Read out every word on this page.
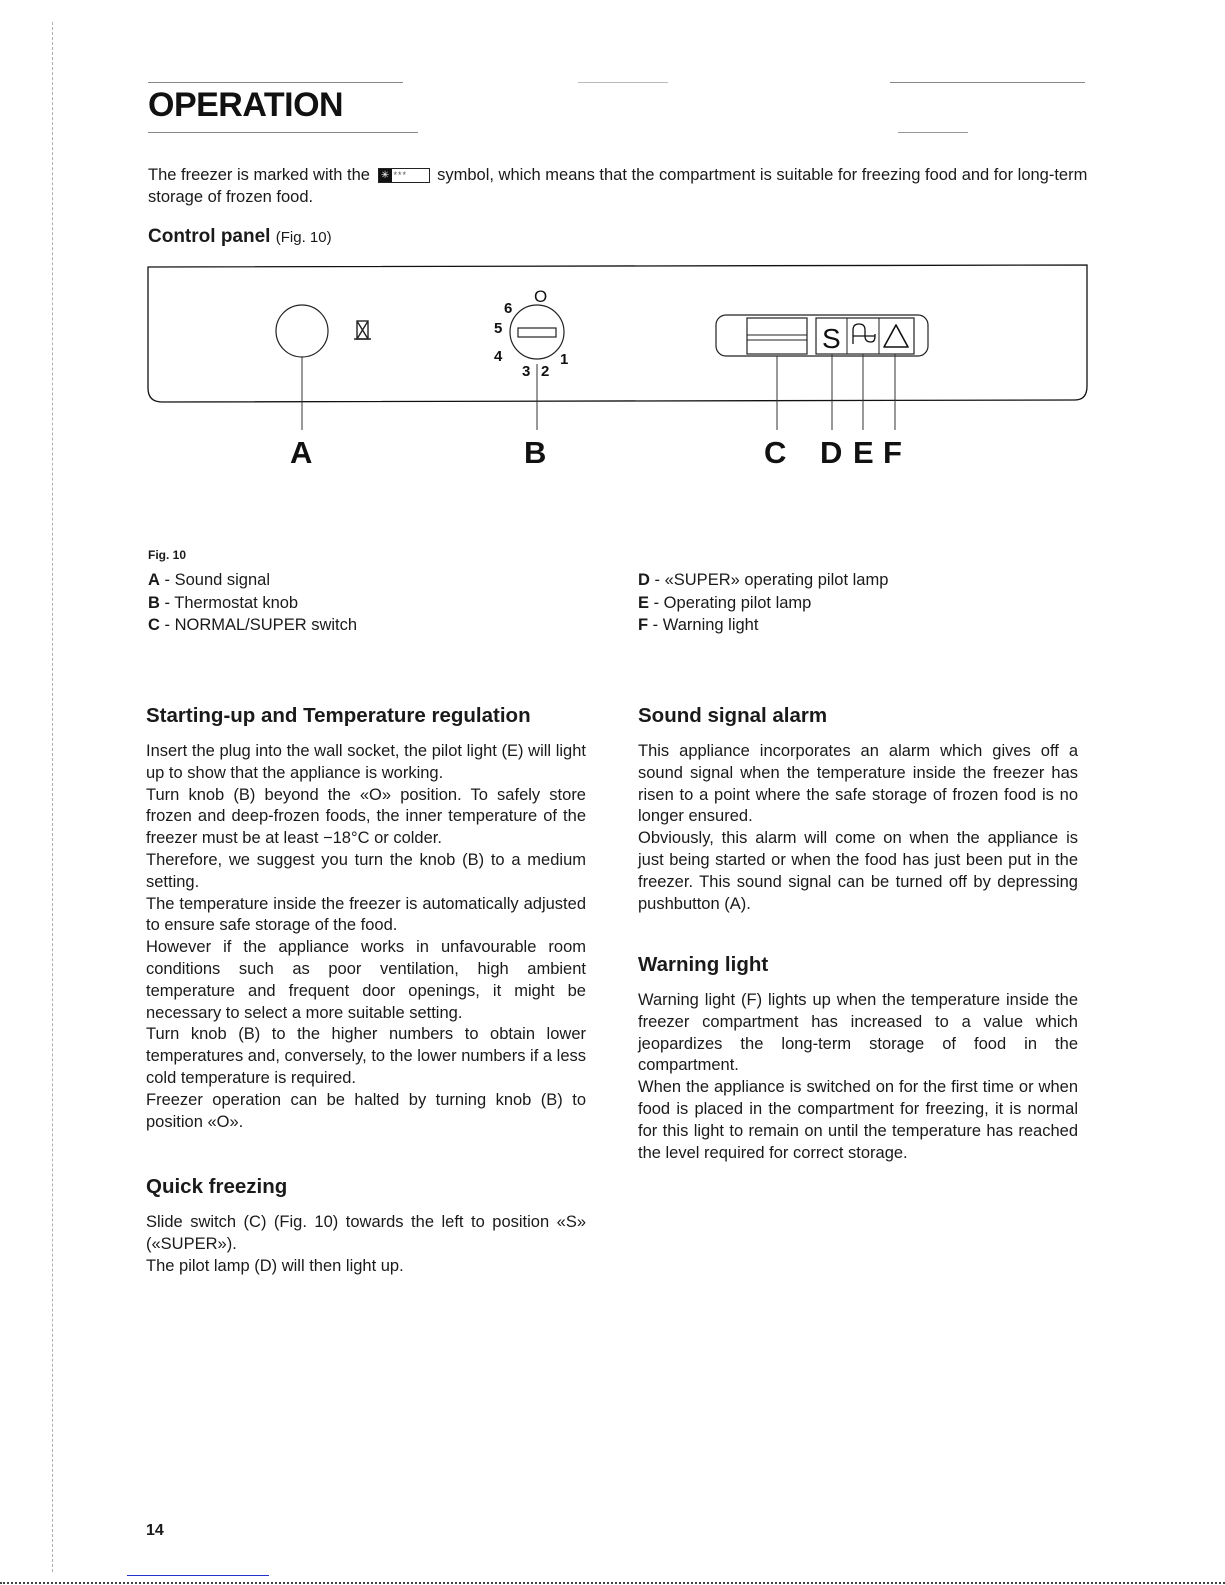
OPERATION

The freezer is marked with the ✳ *** symbol, which means that the compartment is suitable for freezing food and for long-term storage of frozen food.

Control panel (Fig. 10)
O
1
2
3
4
5
6
S
A	B	C D E F

Fig. 10

A - Sound signal
B - Thermostat knob
C - NORMAL/SUPER switch
D - «SUPER» operating pilot lamp
E - Operating pilot lamp
F - Warning light
Starting-up and Temperature regulation

Insert the plug into the wall socket, the pilot light (E) will light up to show that the appliance is working.

Turn knob (B) beyond the «O» position. To safely store frozen and deep-frozen foods, the inner temperature of the freezer must be at least −18°C or colder.

Therefore, we suggest you turn the knob (B) to a medium setting.

The temperature inside the freezer is automatically adjusted to ensure safe storage of the food.

However if the appliance works in unfavourable room conditions such as poor ventilation, high ambient temperature and frequent door openings, it might be necessary to select a more suitable setting.

Turn knob (B) to the higher numbers to obtain lower temperatures and, conversely, to the lower numbers if a less cold temperature is required.

Freezer operation can be halted by turning knob (B) to position «O».

Quick freezing

Slide switch (C) (Fig. 10) towards the left to position «S» («SUPER»).

The pilot lamp (D) will then light up.

Sound signal alarm

This appliance incorporates an alarm which gives off a sound signal when the temperature inside the freezer has risen to a point where the safe storage of frozen food is no longer ensured.

Obviously, this alarm will come on when the appliance is just being started or when the food has just been put in the freezer. This sound signal can be turned off by depressing pushbutton (A).

Warning light

Warning light (F) lights up when the temperature inside the freezer compartment has increased to a value which jeopardizes the long-term storage of food in the compartment.

When the appliance is switched on for the first time or when food is placed in the compartment for freezing, it is normal for this light to remain on until the temperature has reached the level required for correct storage.

14
